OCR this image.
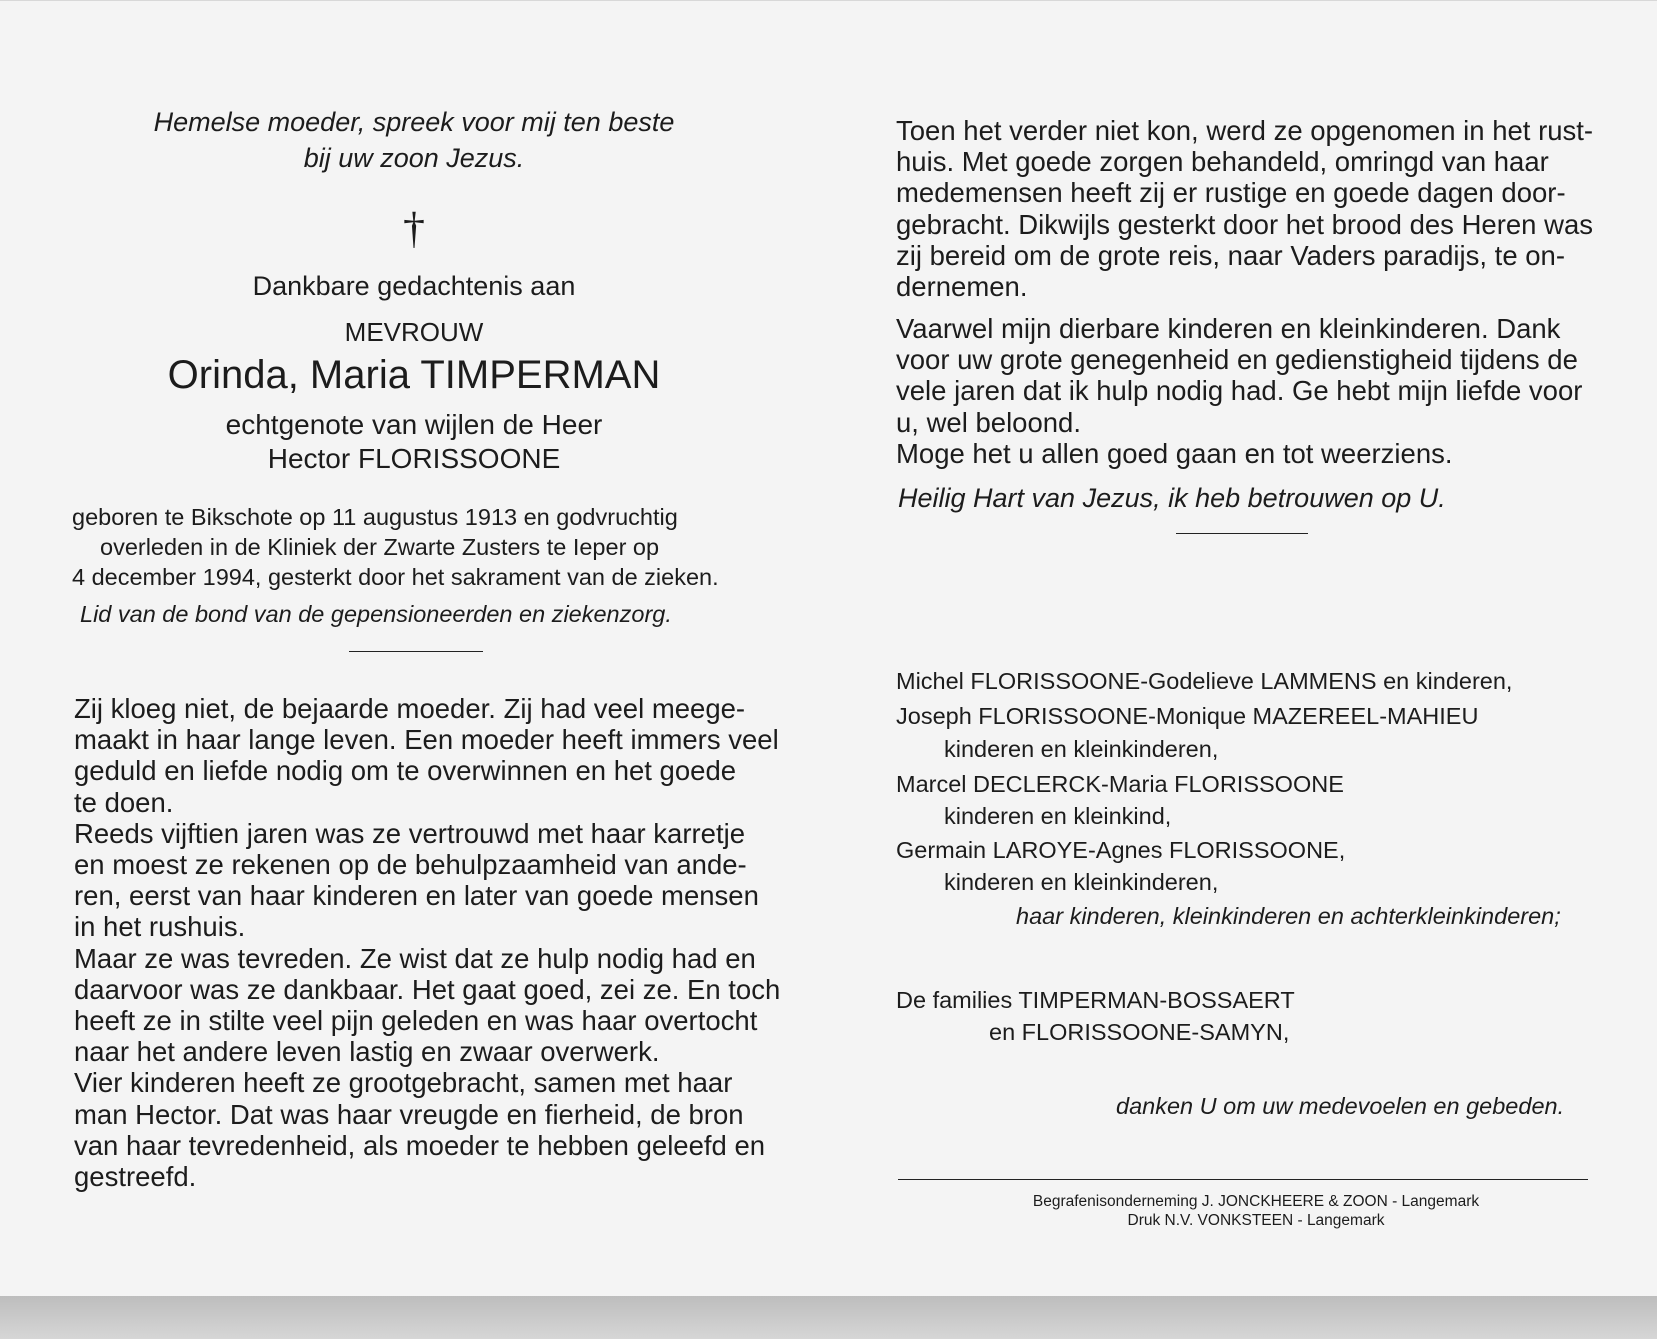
Hemelse moeder, spreek voor mij ten beste

bij uw zoon Jezus.

†

Dankbare gedachtenis aan

MEVROUW

Orinda, Maria TIMPERMAN

echtgenote van wijlen de Heer

Hector FLORISSOONE

geboren te Bikschote op 11 augustus 1913 en godvruchtig

overleden in de Kliniek der Zwarte Zusters te Ieper op

4 december 1994, gesterkt door het sakrament van de zieken.

Lid van de bond van de gepensioneerden en ziekenzorg.

Zij kloeg niet, de bejaarde moeder. Zij had veel meege-
maakt in haar lange leven. Een moeder heeft immers veel
geduld en liefde nodig om te overwinnen en het goede
te doen.
Reeds vijftien jaren was ze vertrouwd met haar karretje
en moest ze rekenen op de behulpzaamheid van ande-
ren, eerst van haar kinderen en later van goede mensen
in het rushuis.
Maar ze was tevreden. Ze wist dat ze hulp nodig had en
daarvoor was ze dankbaar. Het gaat goed, zei ze. En toch
heeft ze in stilte veel pijn geleden en was haar overtocht
naar het andere leven lastig en zwaar overwerk.
Vier kinderen heeft ze grootgebracht, samen met haar
man Hector. Dat was haar vreugde en fierheid, de bron
van haar tevredenheid, als moeder te hebben geleefd en
gestreefd.
Toen het verder niet kon, werd ze opgenomen in het rust-
huis. Met goede zorgen behandeld, omringd van haar
medemensen heeft zij er rustige en goede dagen door-
gebracht. Dikwijls gesterkt door het brood des Heren was
zij bereid om de grote reis, naar Vaders paradijs, te on-
dernemen.
Vaarwel mijn dierbare kinderen en kleinkinderen. Dank
voor uw grote genegenheid en gedienstigheid tijdens de
vele jaren dat ik hulp nodig had. Ge hebt mijn liefde voor
u, wel beloond.
Moge het u allen goed gaan en tot weerziens.

Heilig Hart van Jezus, ik heb betrouwen op U.

Michel FLORISSOONE-Godelieve LAMMENS en kinderen,

Joseph FLORISSOONE-Monique MAZEREEL-MAHIEU

kinderen en kleinkinderen,

Marcel DECLERCK-Maria FLORISSOONE

kinderen en kleinkind,

Germain LAROYE-Agnes FLORISSOONE,

kinderen en kleinkinderen,

haar kinderen, kleinkinderen en achterkleinkinderen;

De families TIMPERMAN-BOSSAERT

en FLORISSOONE-SAMYN,

danken U om uw medevoelen en gebeden.

Begrafenisonderneming J. JONCKHEERE & ZOON - Langemark
Druk N.V. VONKSTEEN - Langemark
